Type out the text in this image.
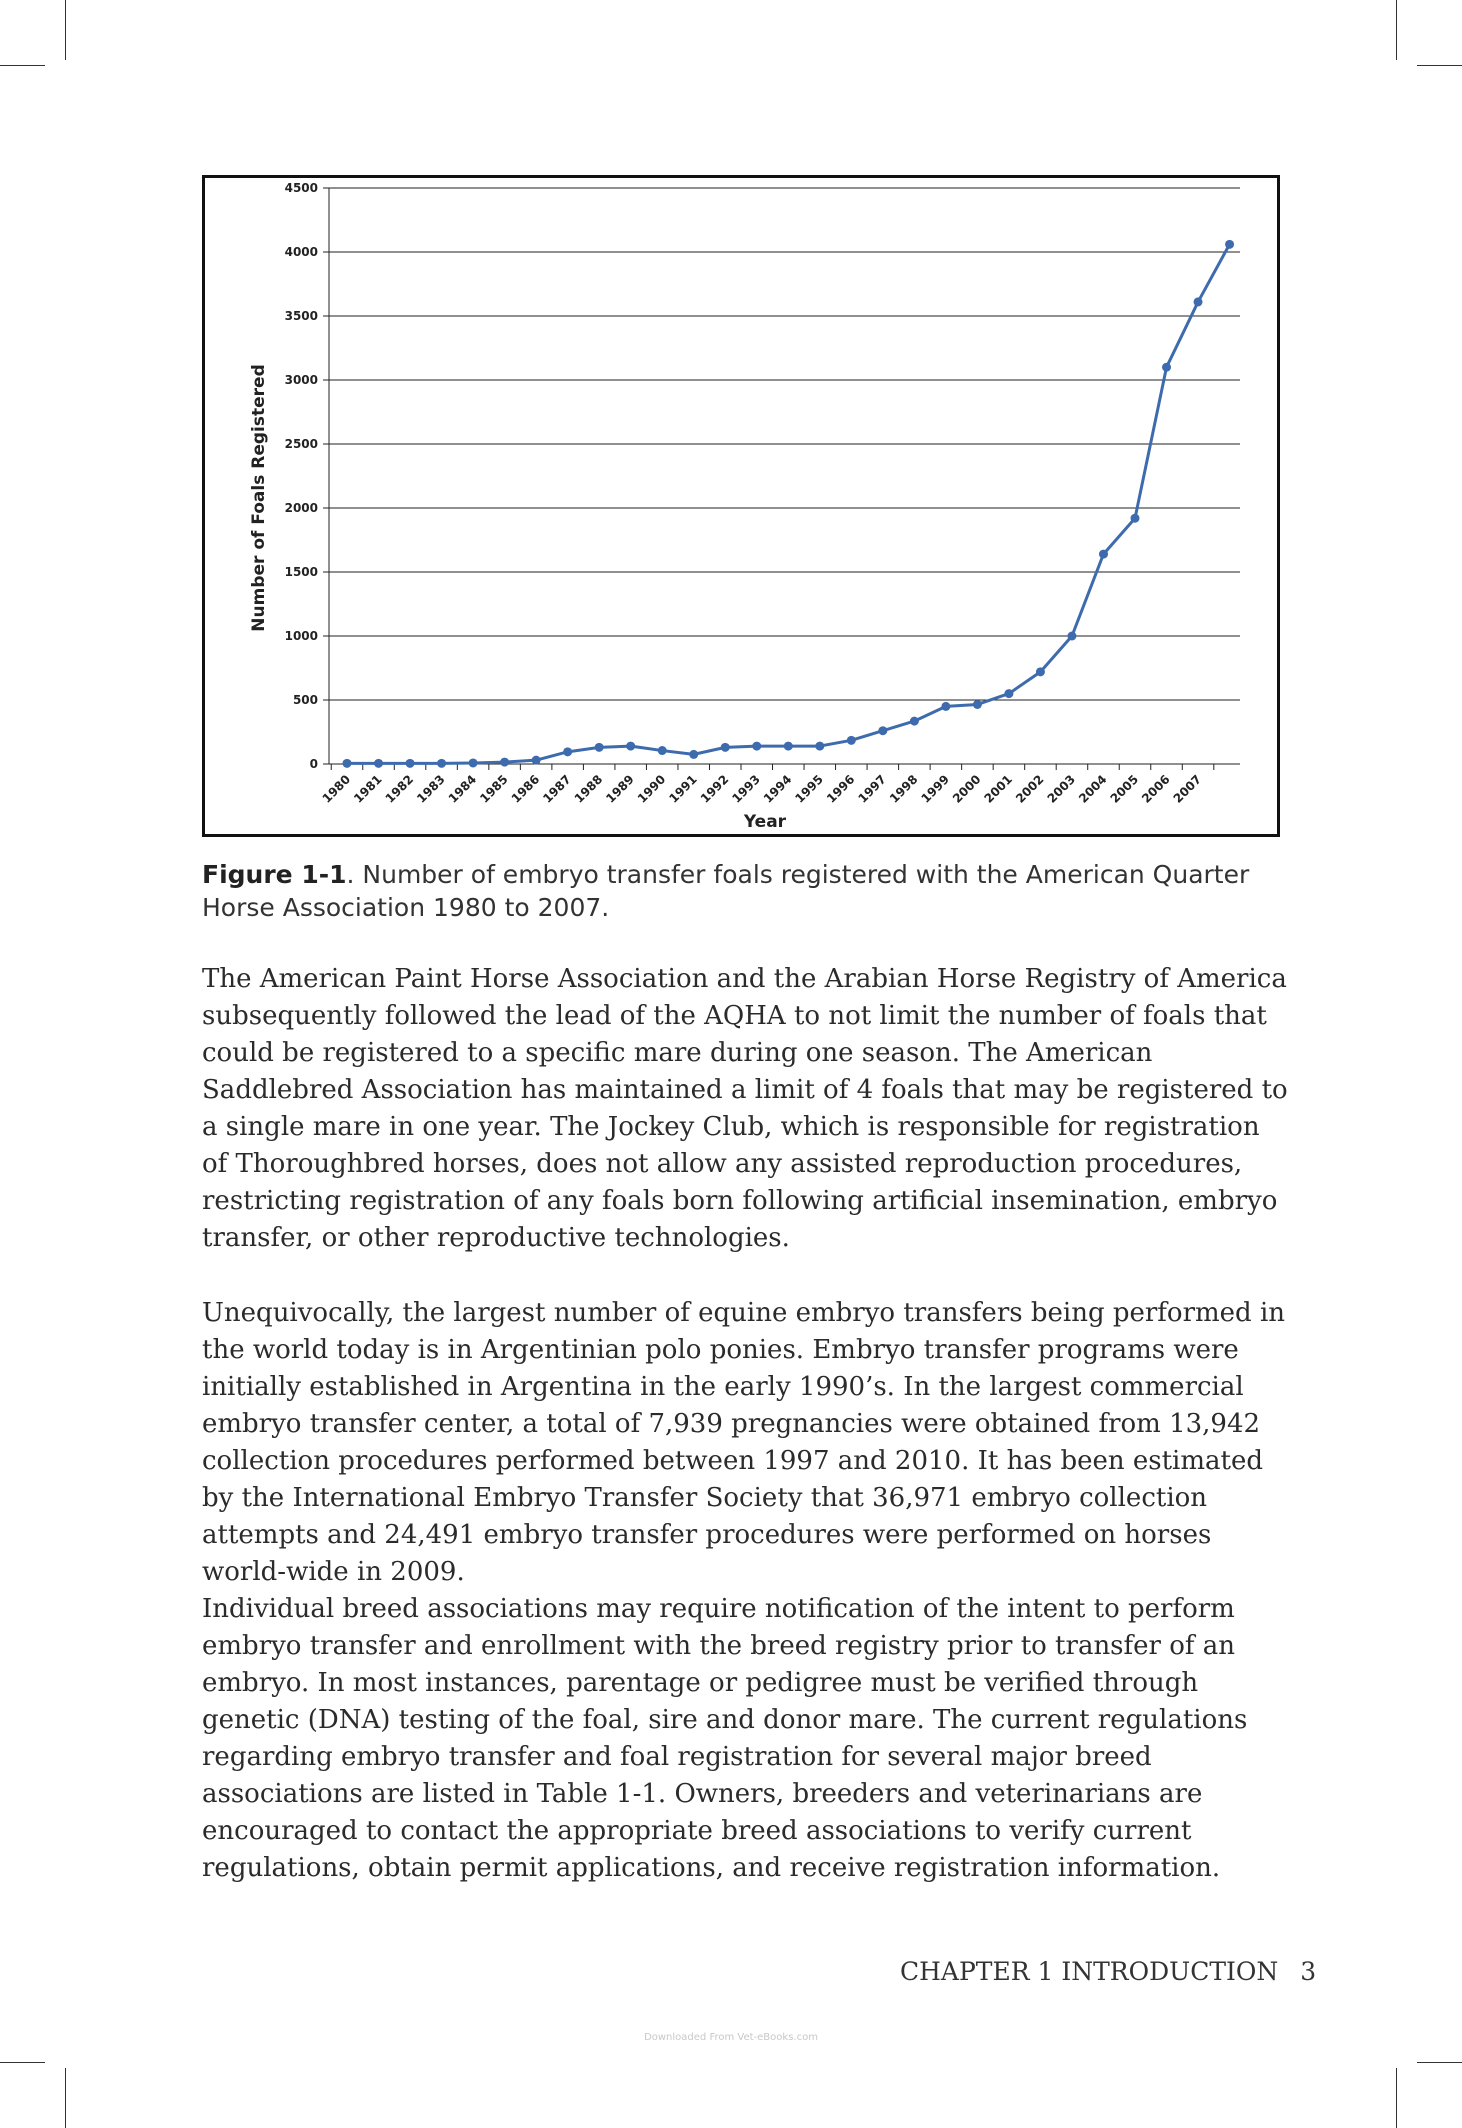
Number of Foals Registered
Year
0
500
1000
1500
2000
2500
3000
3500
4000
4500
1980
1981
1982
1983
1984
1985
1986
1987
1988
1989
1990
1991
1992
1993
1994
1995
1996
1997
1998
1999
2000
2001
2002
2003
2004
2005
2006
2007
Figure 1-1. Number of embryo transfer foals registered with the American Quarter Horse Association 1980 to 2007.

The American Paint Horse Association and the Arabian Horse Registry of America subsequently followed the lead of the AQHA to not limit the number of foals that could be registered to a specific mare during one season. The American Saddlebred Association has maintained a limit of 4 foals that may be registered to a single mare in one year. The Jockey Club, which is responsible for registration of Thoroughbred horses, does not allow any assisted reproduction procedures, restricting registration of any foals born following artificial insemination, embryo transfer, or other reproductive technologies.

Unequivocally, the largest number of equine embryo transfers being performed in the world today is in Argentinian polo ponies. Embryo transfer programs were initially established in Argentina in the early 1990’s. In the largest commercial embryo transfer center, a total of 7,939 pregnancies were obtained from 13,942 collection procedures performed between 1997 and 2010. It has been estimated by the International Embryo Transfer Society that 36,971 embryo collection attempts and 24,491 embryo transfer procedures were performed on horses world-wide in 2009.

Individual breed associations may require notification of the intent to perform embryo transfer and enrollment with the breed registry prior to transfer of an embryo. In most instances, parentage or pedigree must be verified through genetic (DNA) testing of the foal, sire and donor mare. The current regulations regarding embryo transfer and foal registration for several major breed associations are listed in Table 1-1. Owners, breeders and veterinarians are encouraged to contact the appropriate breed associations to verify current regulations, obtain permit applications, and receive registration information.

CHAPTER 1 INTRODUCTION 3
Downloaded From Vet-eBooks.com
